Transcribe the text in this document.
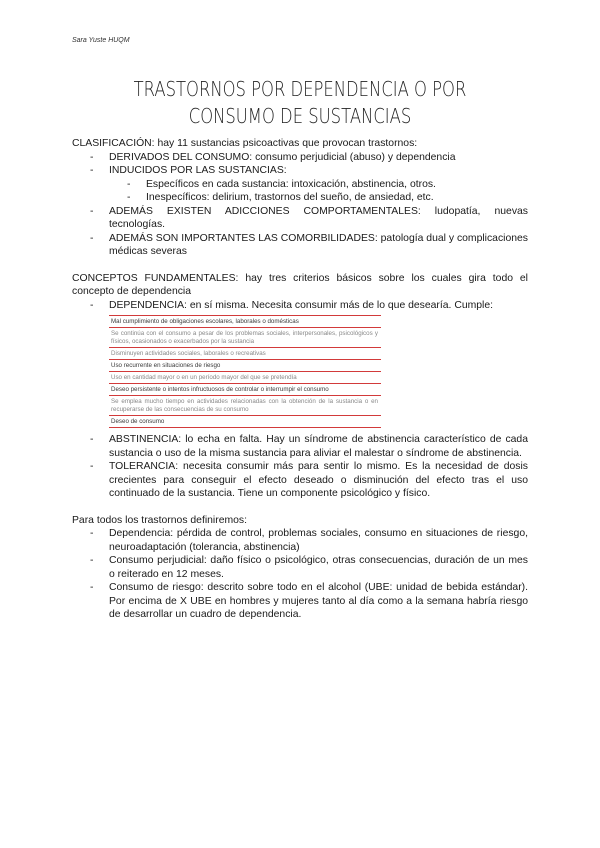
Sara Yuste HUQM
TRASTORNOS POR DEPENDENCIA O POR CONSUMO DE SUSTANCIAS

CLASIFICACIÓN: hay 11 sustancias psicoactivas que provocan trastornos:

- DERIVADOS DEL CONSUMO: consumo perjudicial (abuso) y dependencia
- INDUCIDOS POR LAS SUSTANCIAS:
- Específicos en cada sustancia: intoxicación, abstinencia, otros.
- Inespecíficos: delirium, trastornos del sueño, de ansiedad, etc.
- ADEMÁS EXISTEN ADICCIONES COMPORTAMENTALES: ludopatía, nuevas tecnologías.
- ADEMÁS SON IMPORTANTES LAS COMORBILIDADES: patología dual y complicaciones médicas severas

CONCEPTOS FUNDAMENTALES: hay tres criterios básicos sobre los cuales gira todo el concepto de dependencia

- DEPENDENCIA: en sí misma. Necesita consumir más de lo que desearía. Cumple:
Mal cumplimiento de obligaciones escolares, laborales o domésticas
Se continúa con el consumo a pesar de los problemas sociales, interpersonales, psicológicos y físicos, ocasionados o exacerbados por la sustancia
Disminuyen actividades sociales, laborales o recreativas
Uso recurrente en situaciones de riesgo
Uso en cantidad mayor o en un período mayor del que se pretendía
Deseo persistente o intentos infructuosos de controlar o interrumpir el consumo
Se emplea mucho tiempo en actividades relacionadas con la obtención de la sustancia o en recuperarse de las consecuencias de su consumo
Deseo de consumo
- ABSTINENCIA: lo echa en falta. Hay un síndrome de abstinencia característico de cada sustancia o uso de la misma sustancia para aliviar el malestar o síndrome de abstinencia.
- TOLERANCIA: necesita consumir más para sentir lo mismo. Es la necesidad de dosis crecientes para conseguir el efecto deseado o disminución del efecto tras el uso continuado de la sustancia. Tiene un componente psicológico y físico.

Para todos los trastornos definiremos:

- Dependencia: pérdida de control, problemas sociales, consumo en situaciones de riesgo, neuroadaptación (tolerancia, abstinencia)
- Consumo perjudicial: daño físico o psicológico, otras consecuencias, duración de un mes o reiterado en 12 meses.
- Consumo de riesgo: descrito sobre todo en el alcohol (UBE: unidad de bebida estándar). Por encima de X UBE en hombres y mujeres tanto al día como a la semana habría riesgo de desarrollar un cuadro de dependencia.
